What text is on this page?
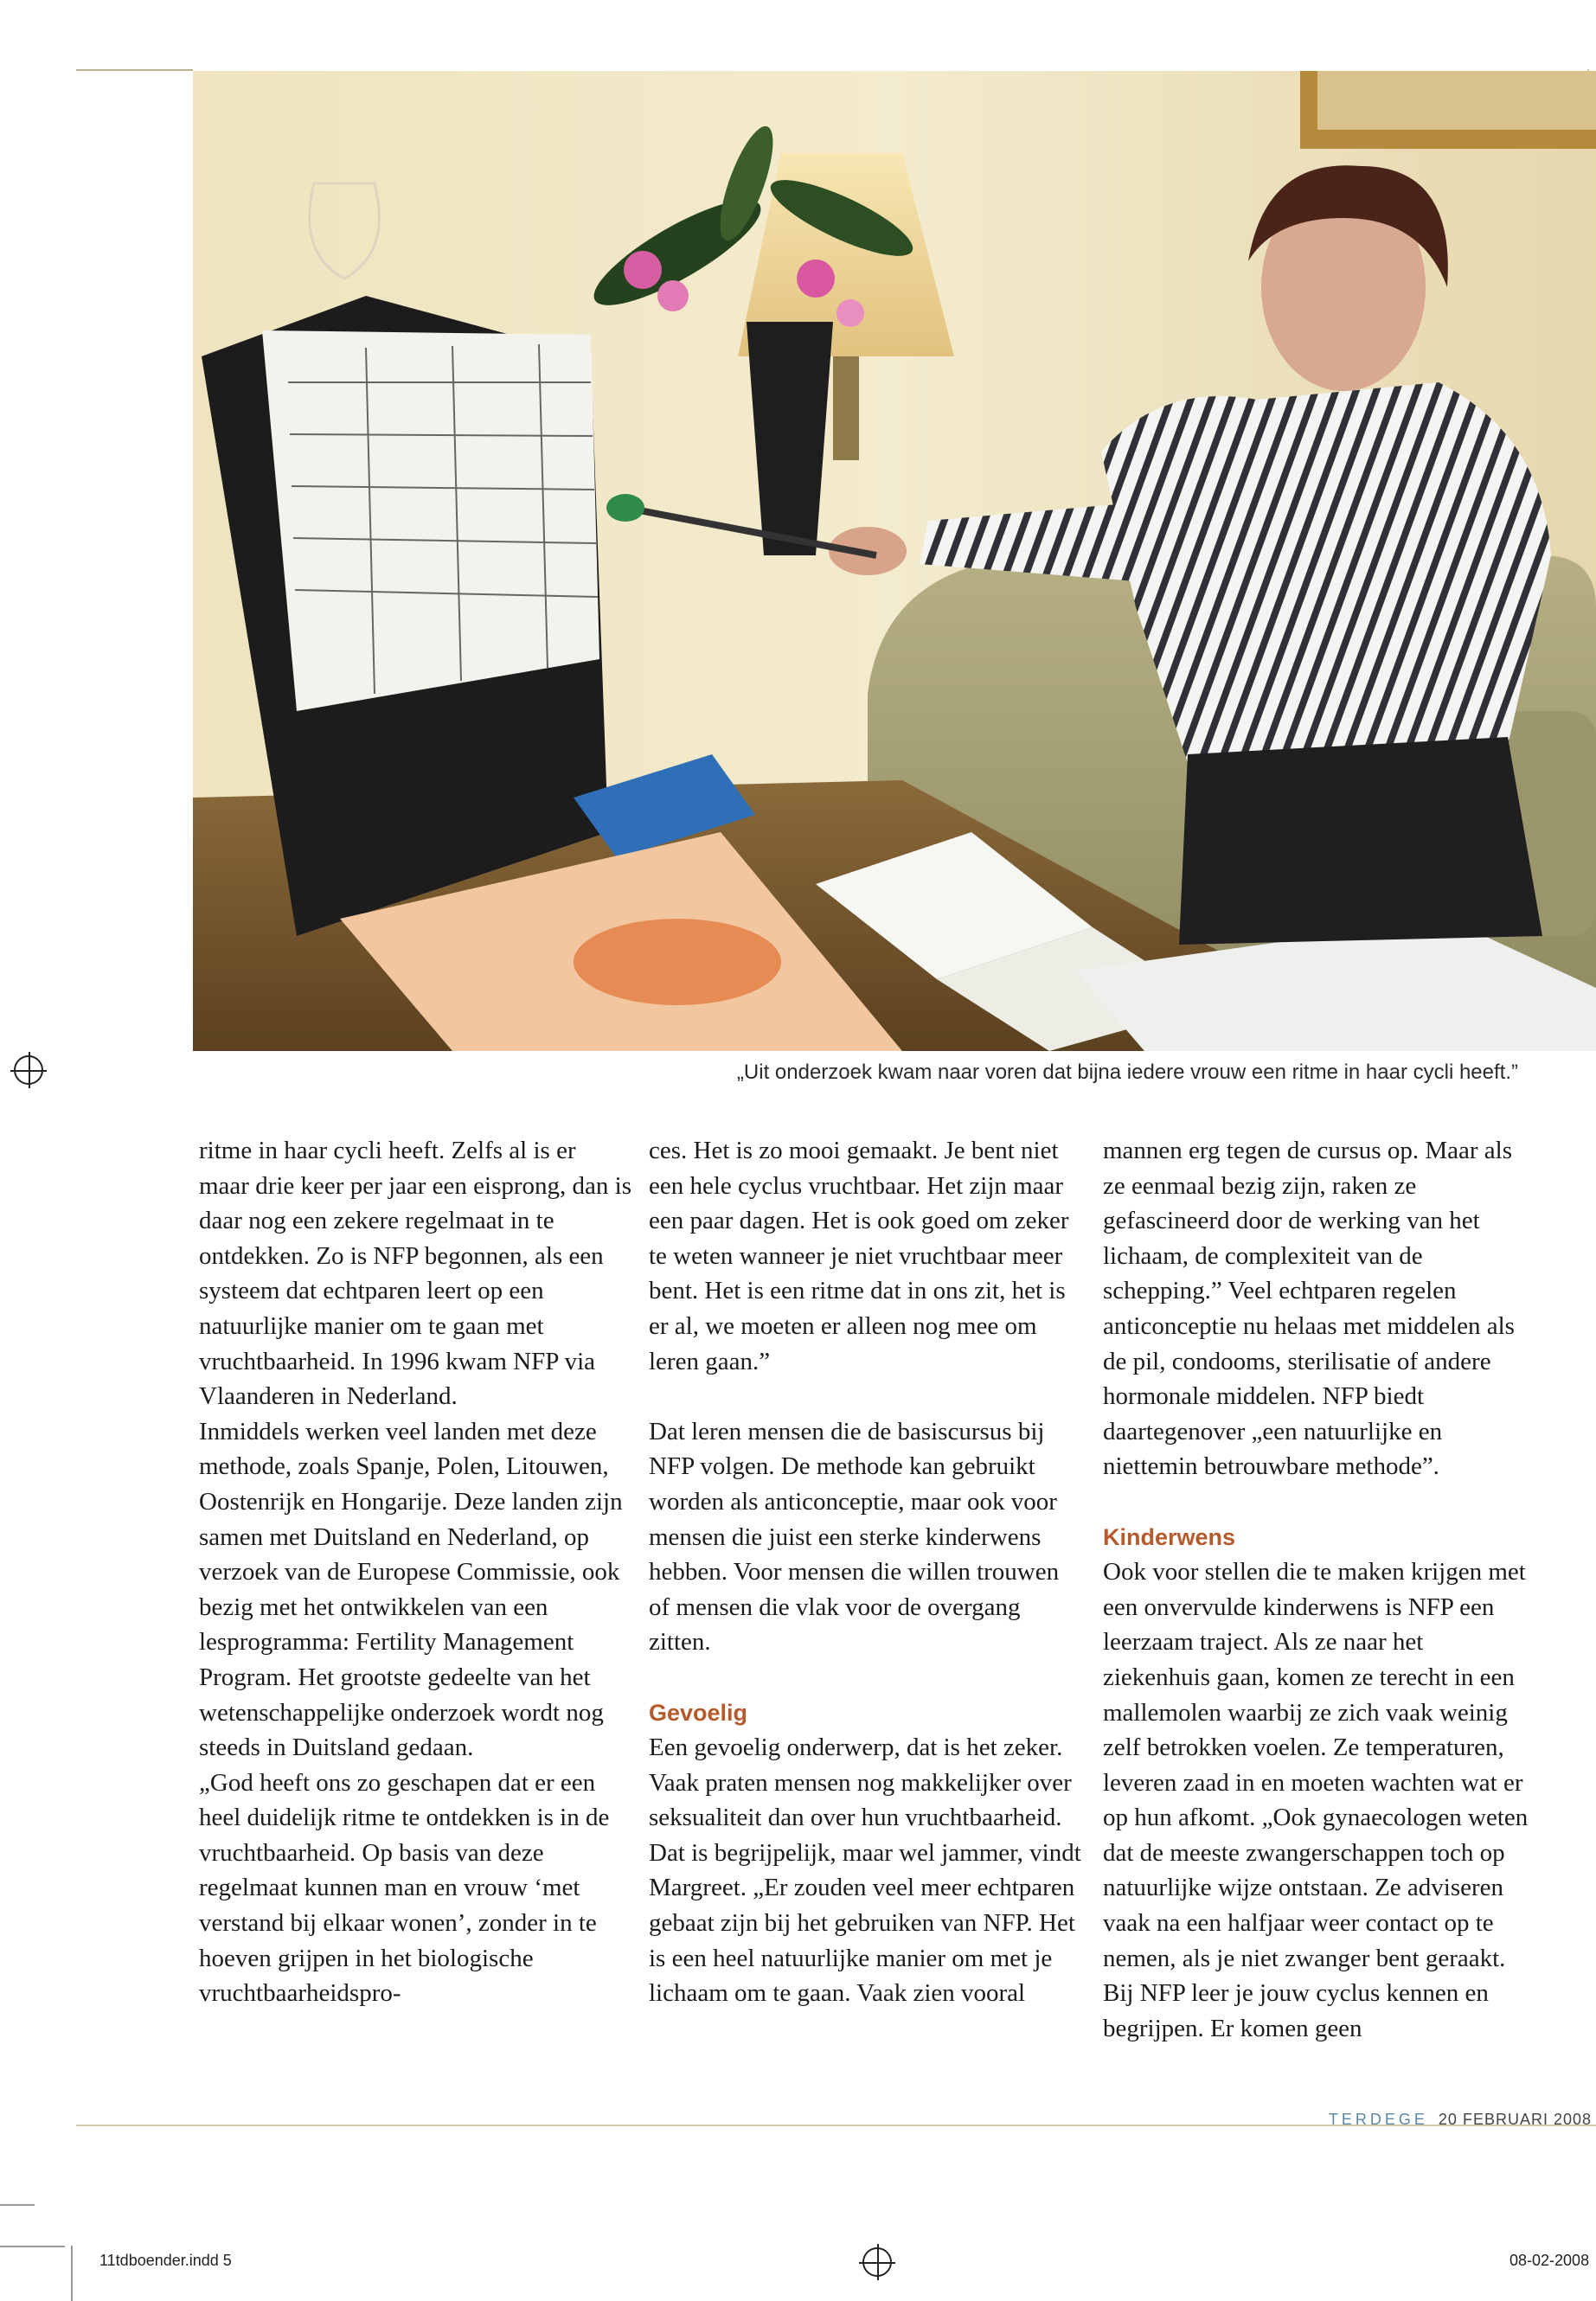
„Uit onderzoek kwam naar voren dat bijna iedere vrouw een ritme in haar cycli heeft.”

ritme in haar cycli heeft. Zelfs al is er maar drie keer per jaar een eisprong, dan is daar nog een zekere regelmaat in te ontdekken. Zo is NFP begonnen, als een systeem dat echtparen leert op een natuurlijke manier om te gaan met vruchtbaarheid. In 1996 kwam NFP via Vlaanderen in Nederland.

Inmiddels werken veel landen met deze methode, zoals Spanje, Polen, Litouwen, Oostenrijk en Hongarije. Deze landen zijn samen met Duitsland en Nederland, op verzoek van de Europese Commissie, ook bezig met het ontwikkelen van een lesprogramma: Fertility Management Program. Het grootste gedeelte van het wetenschappelijke onderzoek wordt nog steeds in Duitsland gedaan.

„God heeft ons zo geschapen dat er een heel duidelijk ritme te ontdekken is in de vruchtbaarheid. Op basis van deze regelmaat kunnen man en vrouw ‘met verstand bij elkaar wonen’, zonder in te hoeven grijpen in het biologische vruchtbaarheidspro-

ces. Het is zo mooi gemaakt. Je bent niet een hele cyclus vruchtbaar. Het zijn maar een paar dagen. Het is ook goed om zeker te weten wanneer je niet vruchtbaar meer bent. Het is een ritme dat in ons zit, het is er al, we moeten er alleen nog mee om leren gaan.”

Dat leren mensen die de basiscursus bij NFP volgen. De methode kan gebruikt worden als anticonceptie, maar ook voor mensen die juist een sterke kinderwens hebben. Voor mensen die willen trouwen of mensen die vlak voor de overgang zitten.

Gevoelig

Een gevoelig onderwerp, dat is het zeker. Vaak praten mensen nog makkelijker over seksualiteit dan over hun vruchtbaarheid. Dat is begrijpelijk, maar wel jammer, vindt Margreet. „Er zouden veel meer echtparen gebaat zijn bij het gebruiken van NFP. Het is een heel natuurlijke manier om met je lichaam om te gaan. Vaak zien vooral

mannen erg tegen de cursus op. Maar als ze eenmaal bezig zijn, raken ze gefascineerd door de werking van het lichaam, de complexiteit van de schepping.” Veel echtparen regelen anticonceptie nu helaas met middelen als de pil, condooms, sterilisatie of andere hormonale middelen. NFP biedt daartegenover „een natuurlijke en niettemin betrouwbare methode”.

Kinderwens

Ook voor stellen die te maken krijgen met een onvervulde kinderwens is NFP een leerzaam traject. Als ze naar het ziekenhuis gaan, komen ze terecht in een mallemolen waarbij ze zich vaak weinig zelf betrokken voelen. Ze temperaturen, leveren zaad in en moeten wachten wat er op hun afkomt. „Ook gynaecologen weten dat de meeste zwangerschappen toch op natuurlijke wijze ontstaan. Ze adviseren vaak na een halfjaar weer contact op te nemen, als je niet zwanger bent geraakt. Bij NFP leer je jouw cyclus kennen en begrijpen. Er komen geen

TERDEGE 20 FEBRUARI 2008
11tdboender.indd 5	08-02-2008
